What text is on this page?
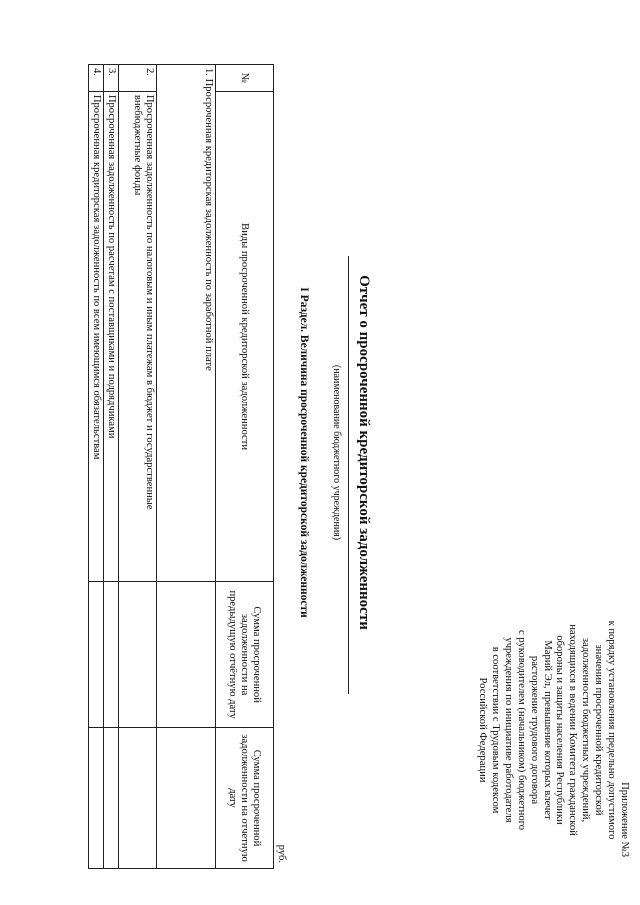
Приложение №3

к порядку установления предельно допустимого

значения просроченной кредиторской

задолженности бюджетных учреждений,

находящихся в ведении Комитета гражданской

обороны и защиты населения Республики

Марий Эл, превышение которых влечет

расторжение трудового договора

с руководителем (начальником) бюджетного

учреждения по инициативе работодателя

в соответствии с Трудовым кодексом

Российской Федерации

Отчет о просроченной кредиторской задолженности
(наименование бюджетного учреждения)
I Раздел. Величина просроченной кредиторской задолженности
руб.
№	Виды просроченной кредиторской задолженности	Сумма просроченной задолженности на предыдущую отчётную дату	Сумма просроченной задолженности на отчетную дату
1. Просроченная кредиторская задолженность по заработной плате			
2.	Просроченная задолженность по налоговым и иным платежам в бюджет и государственные внебюджетные фонды		
3.	Просроченная задолженность по расчетам с поставщиками и подрядчиками		
4.	Просроченная кредиторская задолженность по всем имеющимся обязательствам		
